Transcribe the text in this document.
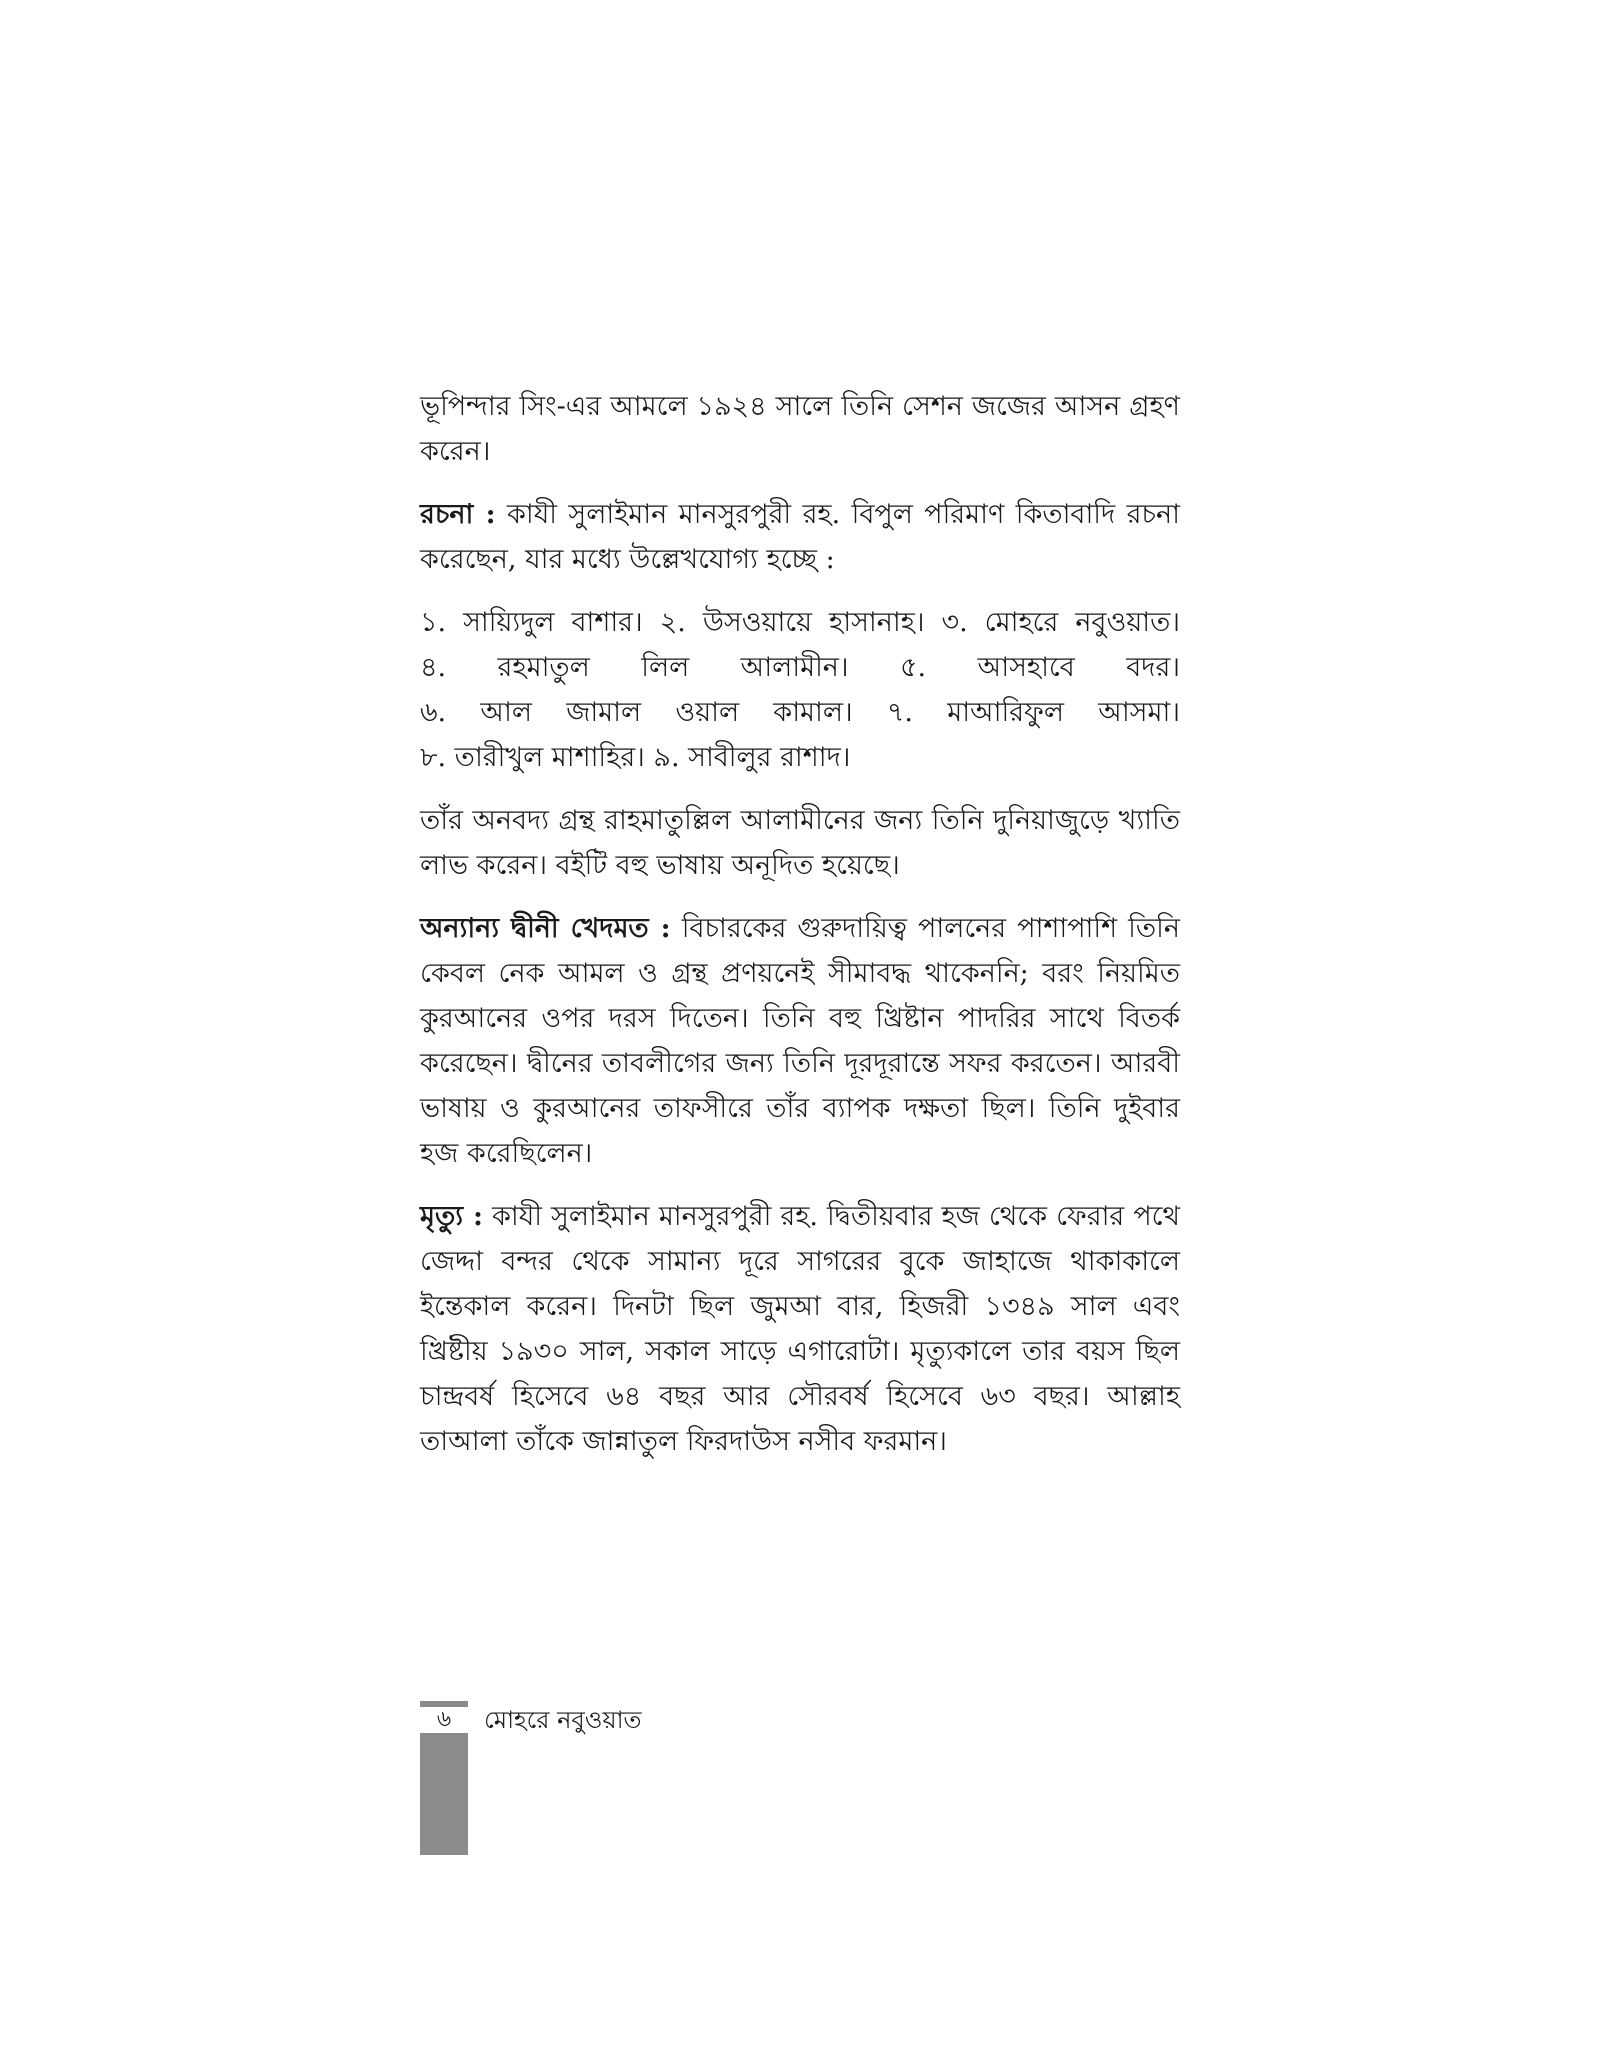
ভূপিন্দার সিং-এর আমলে ১৯২৪ সালে তিনি সেশন জজের আসন গ্রহণ করেন।

রচনা : কাযী সুলাইমান মানসুরপুরী রহ. বিপুল পরিমাণ কিতাবাদি রচনা করেছেন, যার মধ্যে উল্লেখযোগ্য হচ্ছে :

১. সায়্যিদুল বাশার। ২. উসওয়ায়ে হাসানাহ। ৩. মোহরে নবুওয়াত। ৪. রহমাতুল লিল আলামীন। ৫. আসহাবে বদর। ৬. আল জামাল ওয়াল কামাল। ৭. মাআরিফুল আসমা। ৮. তারীখুল মাশাহির। ৯. সাবীলুর রাশাদ।

তাঁর অনবদ্য গ্রন্থ রাহমাতুল্লিল আলামীনের জন্য তিনি দুনিয়াজুড়ে খ্যাতি লাভ করেন। বইটি বহু ভাষায় অনূদিত হয়েছে।

অন্যান্য দ্বীনী খেদমত : বিচারকের গুরুদায়িত্ব পালনের পাশাপাশি তিনি কেবল নেক আমল ও গ্রন্থ প্রণয়নেই সীমাবদ্ধ থাকেননি; বরং নিয়মিত কুরআনের ওপর দরস দিতেন। তিনি বহু খ্রিষ্টান পাদরির সাথে বিতর্ক করেছেন। দ্বীনের তাবলীগের জন্য তিনি দূরদূরান্তে সফর করতেন। আরবী ভাষায় ও কুরআনের তাফসীরে তাঁর ব্যাপক দক্ষতা ছিল। তিনি দুইবার হজ করেছিলেন।

মৃত্যু : কাযী সুলাইমান মানসুরপুরী রহ. দ্বিতীয়বার হজ থেকে ফেরার পথে জেদ্দা বন্দর থেকে সামান্য দূরে সাগরের বুকে জাহাজে থাকাকালে ইন্তেকাল করেন। দিনটা ছিল জুমআ বার, হিজরী ১৩৪৯ সাল এবং খ্রিষ্টীয় ১৯৩০ সাল, সকাল সাড়ে এগারোটা। মৃত্যুকালে তার বয়স ছিল চান্দ্রবর্ষ হিসেবে ৬৪ বছর আর সৌরবর্ষ হিসেবে ৬৩ বছর। আল্লাহ তাআলা তাঁকে জান্নাতুল ফিরদাউস নসীব ফরমান।

৬	মোহরে নবুওয়াত
